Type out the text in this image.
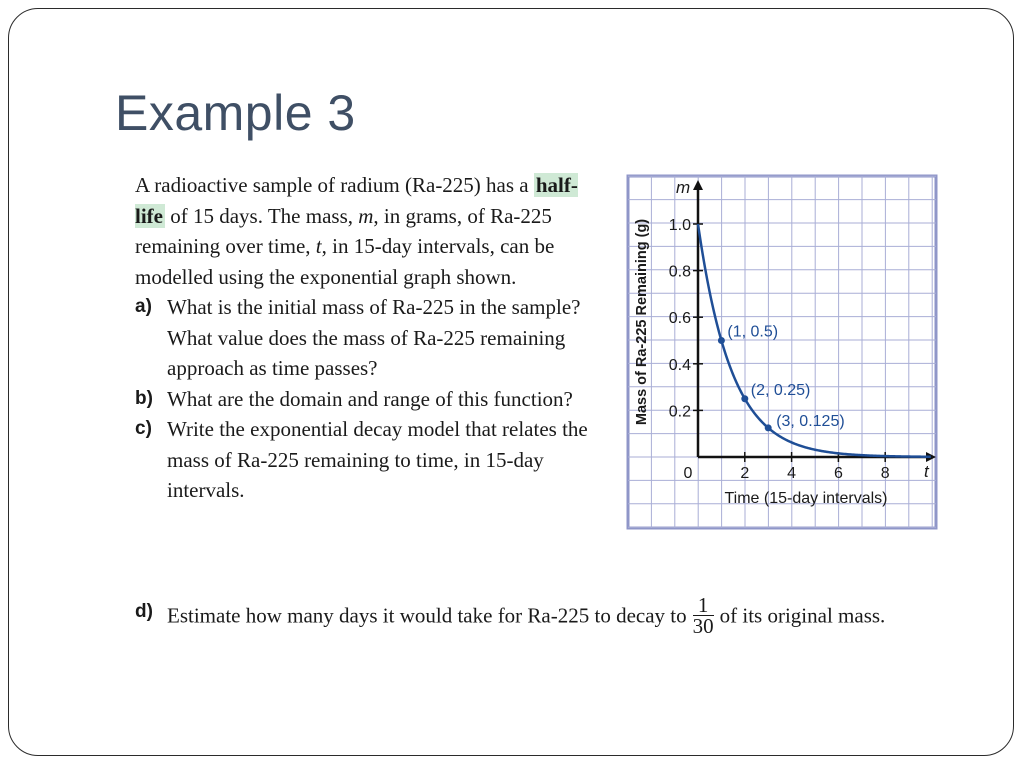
Example 3

A radioactive sample of radium (Ra-225) has a half-life of 15 days. The mass, m, in grams, of Ra-225 remaining over time, t, in 15-day intervals, can be modelled using the exponential graph shown.

a) What is the initial mass of Ra-225 in the sample? What value does the mass of Ra-225 remaining approach as time passes?

b) What are the domain and range of this function?

c) Write the exponential decay model that relates the mass of Ra-225 remaining to time, in 15-day intervals.

d) Estimate how many days it would take for Ra-225 to decay to $\frac{1}{30}$ of its original mass.
0.2
0.4
0.6
0.8
1.0
0	2 4 6 8
m
t
Time (15-day intervals)
Mass of Ra-225 Remaining (g)	(1, 0.5)
(2, 0.25)
(3, 0.125)
